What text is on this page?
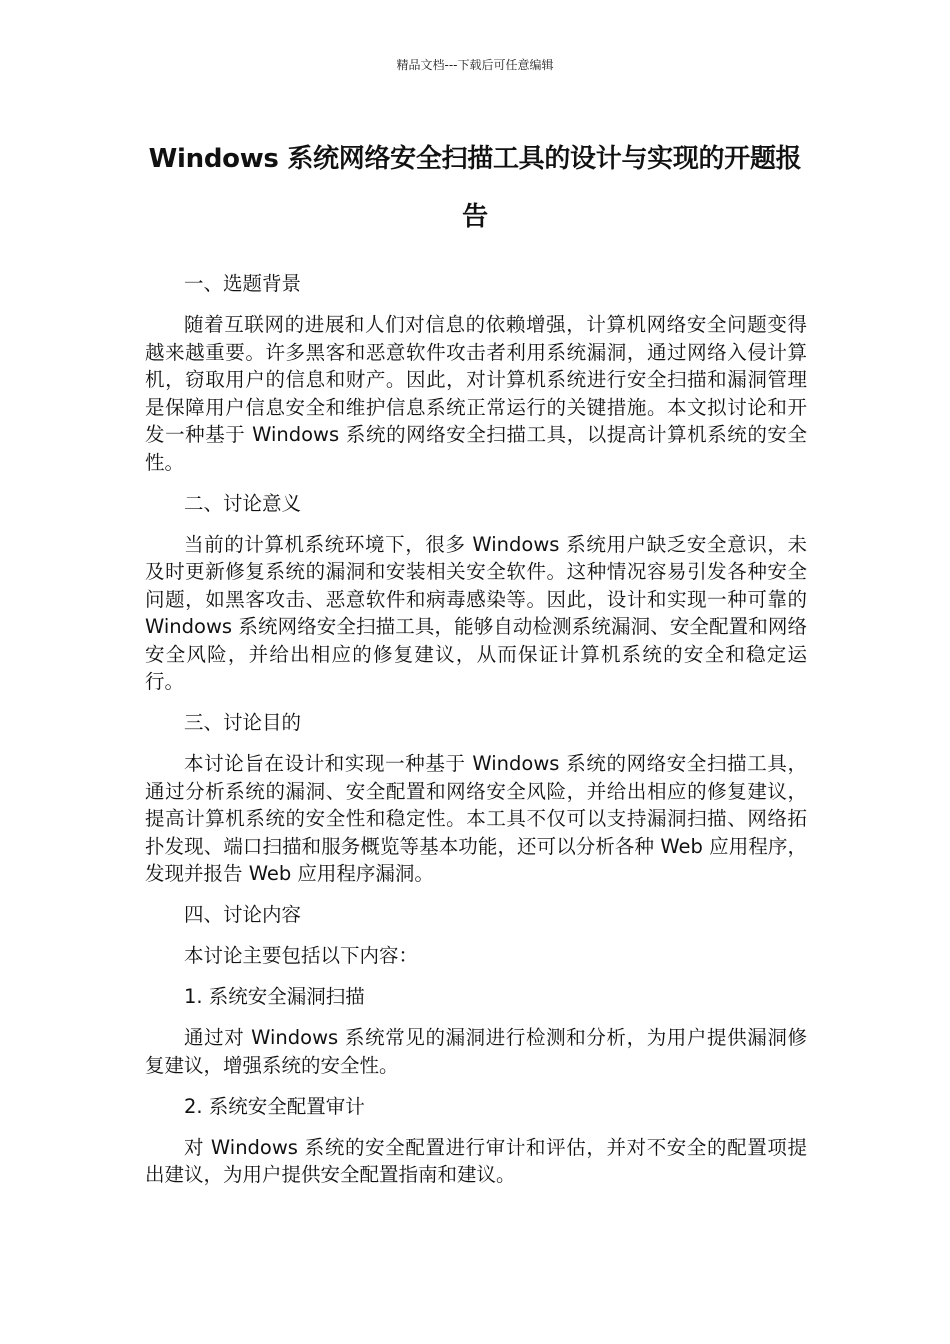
精品文档---下载后可任意编辑
Windows 系统网络安全扫描工具的设计与实现的开题报告

一、选题背景

随着互联网的进展和人们对信息的依赖增强，计算机网络安全问题变得越来越重要。许多黑客和恶意软件攻击者利用系统漏洞，通过网络入侵计算机，窃取用户的信息和财产。因此，对计算机系统进行安全扫描和漏洞管理是保障用户信息安全和维护信息系统正常运行的关键措施。本文拟讨论和开发一种基于 Windows 系统的网络安全扫描工具，以提高计算机系统的安全性。

二、讨论意义

当前的计算机系统环境下，很多 Windows 系统用户缺乏安全意识，未及时更新修复系统的漏洞和安装相关安全软件。这种情况容易引发各种安全问题，如黑客攻击、恶意软件和病毒感染等。因此，设计和实现一种可靠的 Windows 系统网络安全扫描工具，能够自动检测系统漏洞、安全配置和网络安全风险，并给出相应的修复建议，从而保证计算机系统的安全和稳定运行。

三、讨论目的

本讨论旨在设计和实现一种基于 Windows 系统的网络安全扫描工具，通过分析系统的漏洞、安全配置和网络安全风险，并给出相应的修复建议，提高计算机系统的安全性和稳定性。本工具不仅可以支持漏洞扫描、网络拓扑发现、端口扫描和服务概览等基本功能，还可以分析各种 Web 应用程序，发现并报告 Web 应用程序漏洞。

四、讨论内容

本讨论主要包括以下内容：

1. 系统安全漏洞扫描

通过对 Windows 系统常见的漏洞进行检测和分析，为用户提供漏洞修复建议，增强系统的安全性。

2. 系统安全配置审计

对 Windows 系统的安全配置进行审计和评估，并对不安全的配置项提出建议，为用户提供安全配置指南和建议。
